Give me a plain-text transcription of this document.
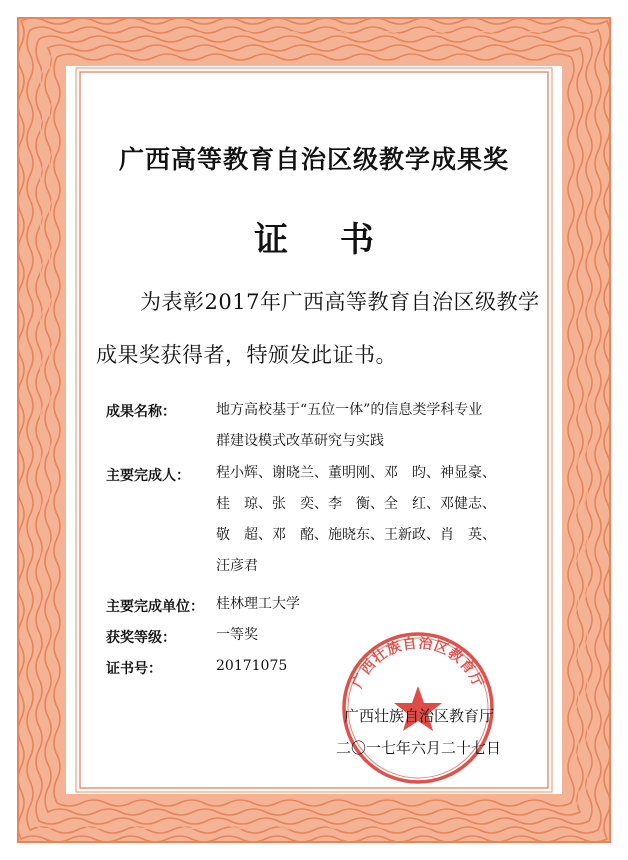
广西高等教育自治区级教学成果奖
证 书
为表彰2017年广西高等教育自治区级教学
成果奖获得者，特颁发此证书。
成果名称：	地方高校基于“五位一体”的信息类学科专业
群建设模式改革研究与实践
主要完成人：	程小辉、谢晓兰、董明刚、邓　昀、神显豪、
桂　琼、张　奕、李　衡、全　红、邓健志、
敬　超、邓　酩、施晓东、王新政、肖　英、
汪彦君
主要完成单位： 桂林理工大学
获奖等级：	一等奖
证书号：	20171075
广西壮族自治区教育厅
广西壮族自治区教育厅
二〇一七年六月二十七日
